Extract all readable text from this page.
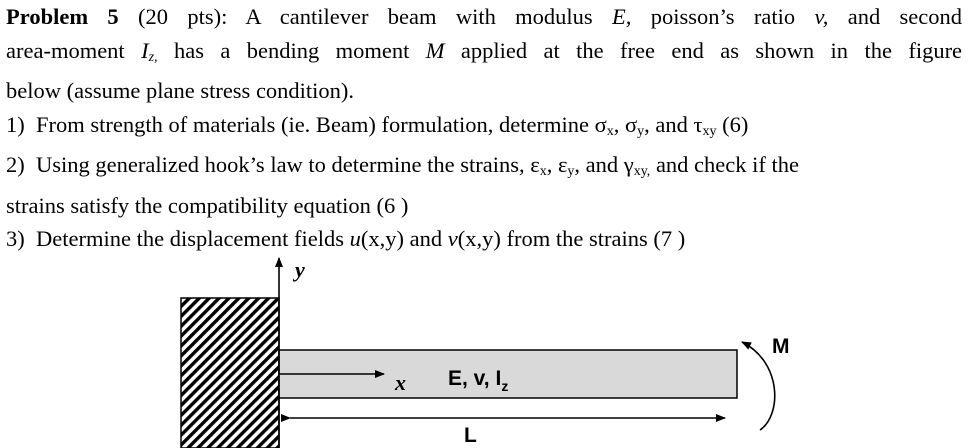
Problem 5 (20 pts): A cantilever beam with modulus E, poisson’s ratio v, and second
area-moment $I_{z,}$ has a bending moment M applied at the free end as shown in the figure
below (assume plane stress condition).
1) From strength of materials (ie. Beam) formulation, determine $\sigma_x$, $\sigma_y$, and $\tau_{xy}$ (6)
2) Using generalized hook’s law to determine the strains, $\varepsilon_x$, $\varepsilon_y$, and $\gamma_{xy,}$ and check if the
strains satisfy the compatibility equation (6 )
3) Determine the displacement fields u(x,y) and v(x,y) from the strains (7 )
y
x E, v, $I_z$
M
L
